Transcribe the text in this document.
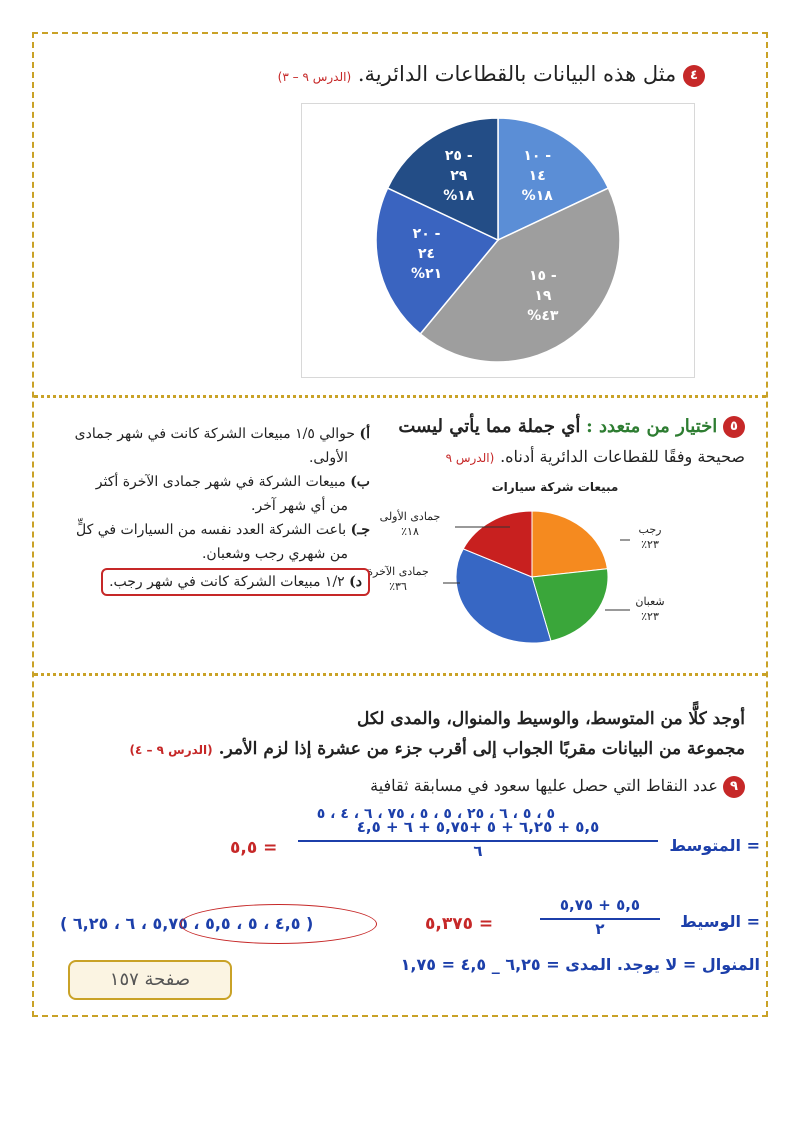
٤ مثل هذه البيانات بالقطاعات الدائرية. (الدرس ٩ – ٣)
١٠ -
١٤
%١٨
١٥ -
١٩
%٤٣
٢٠ -
٢٤
%٢١
٢٥ -
٢٩
%١٨
٥ اختيار من متعدد : أي جملة مما يأتي ليست
صحيحة وفقًا للقطاعات الدائرية أدناه. (الدرس ٩
مبيعات شركة سيارات
رجب
٪٢٣
شعبان
٪٢٣
جمادى الآخرة
٪٣٦
جمادى الأولى
٪١٨
أ) حوالي ١/٥ مبيعات الشركة كانت في شهر جمادى
الأولى.
ب) مبيعات الشركة في شهر جمادى الآخرة أكثر
من أي شهر آخر.
جـ) باعت الشركة العدد نفسه من السيارات في كلٍّ
من شهري رجب وشعبان.
د) ١/٢ مبيعات الشركة كانت في شهر رجب.
أوجد كلًّا من المتوسط، والوسيط والمنوال، والمدى لكل
مجموعة من البيانات مقربًا الجواب إلى أقرب جزء من عشرة إذا لزم الأمر. (الدرس ٩ – ٤)
٩ عدد النقاط التي حصل عليها سعود في مسابقة ثقافية
٥ ، ٥ ، ٦ ، ٢٥ ، ٥ ، ٥ ، ٧٥ ، ٦ ، ٤ ، ٥
المتوسط =
٥,٥ + ٦,٢٥ + ٥ +٥,٧٥ + ٦ + ٤,٥
٦
= ٥,٥
الوسيط =
٥,٥ + ٥,٧٥
٢
= ٥,٣٧٥
( ٤,٥ ، ٥ ، ٥,٥ ، ٥,٧٥ ، ٦ ، ٦,٢٥ )
المنوال = لا يوجد. المدى = ٦,٢٥ _ ٤,٥ = ١,٧٥
صفحة ١٥٧
